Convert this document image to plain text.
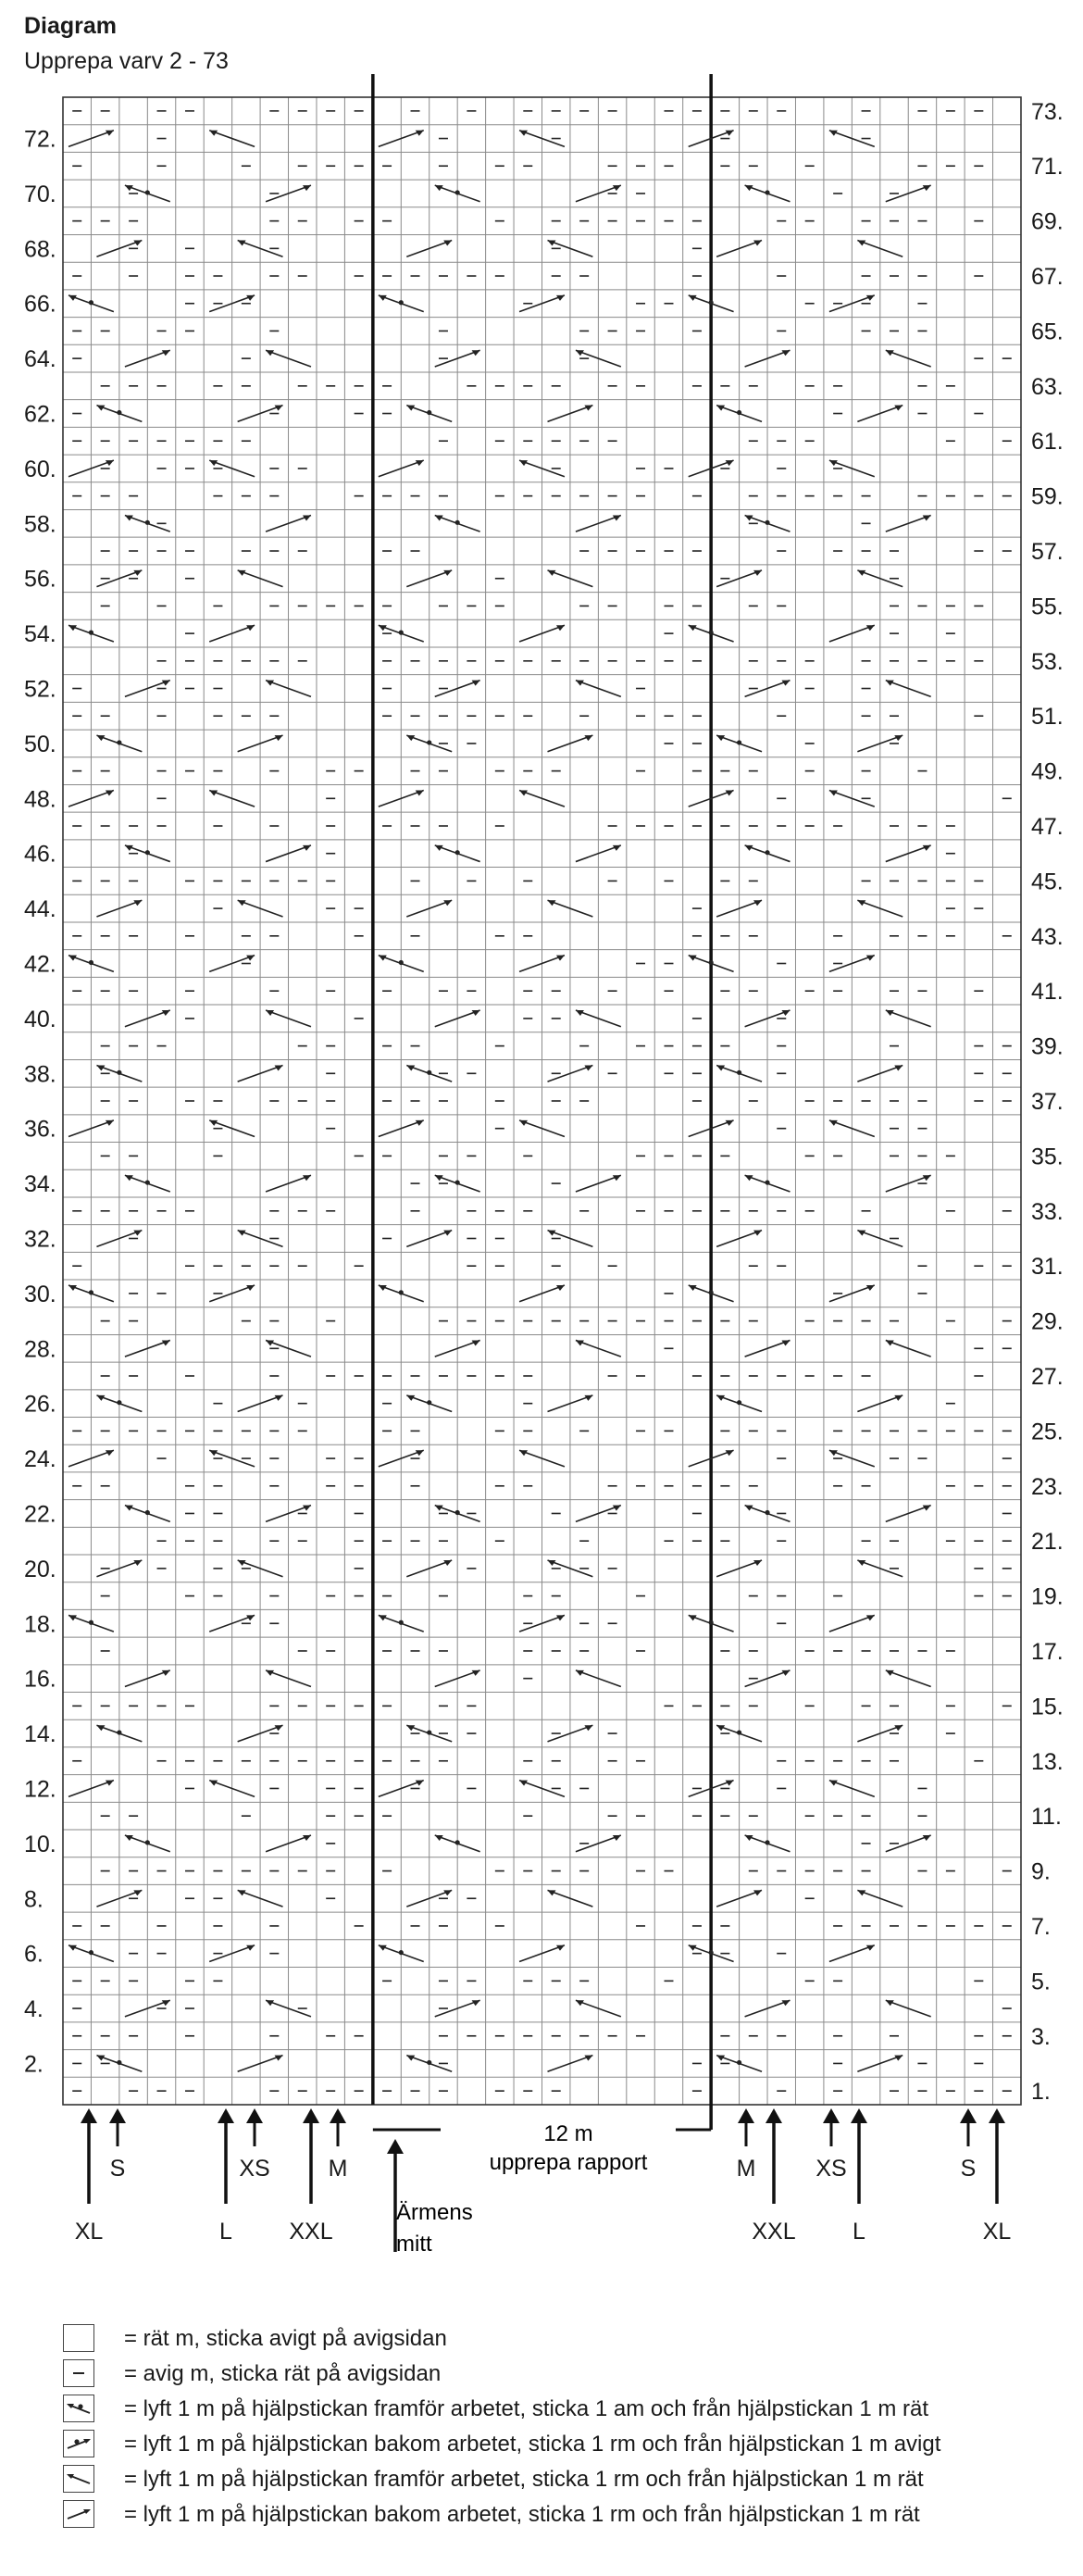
Diagram
Upprepa varv 2 - 73
72.
70.
68.
66.
64.
62.
60.
58.
56.
54.
52.
50.
48.
46.
44.
42.
40.
38.
36.
34.
32.
30.
28.
26.
24.
22.
20.
18.
16.
14.
12.
10.
8.
6.
4.
2.
73.
71.
69.
67.
65.
63.
61.
59.
57.
55.
53.
51.
49.
47.
45.
43.
41.
39.
37.
35.
33.
31.
29.
27.
25.
23.
21.
19.
17.
15.
13.
11.
9.
7.
5.
3.
1.
S	XS	M
XL	L XXL
M	XS	S
XXL L	XL
12 m
upprepa rapport
Ärmens
mitt
= rät m, sticka avigt på avigsidan
= avig m, sticka rät på avigsidan
= lyft 1 m på hjälpstickan framför arbetet, sticka 1 am och från hjälpstickan 1 m rät
= lyft 1 m på hjälpstickan bakom arbetet, sticka 1 rm och från hjälpstickan 1 m avigt
= lyft 1 m på hjälpstickan framför arbetet, sticka 1 rm och från hjälpstickan 1 m rät
= lyft 1 m på hjälpstickan bakom arbetet, sticka 1 rm och från hjälpstickan 1 m rät
